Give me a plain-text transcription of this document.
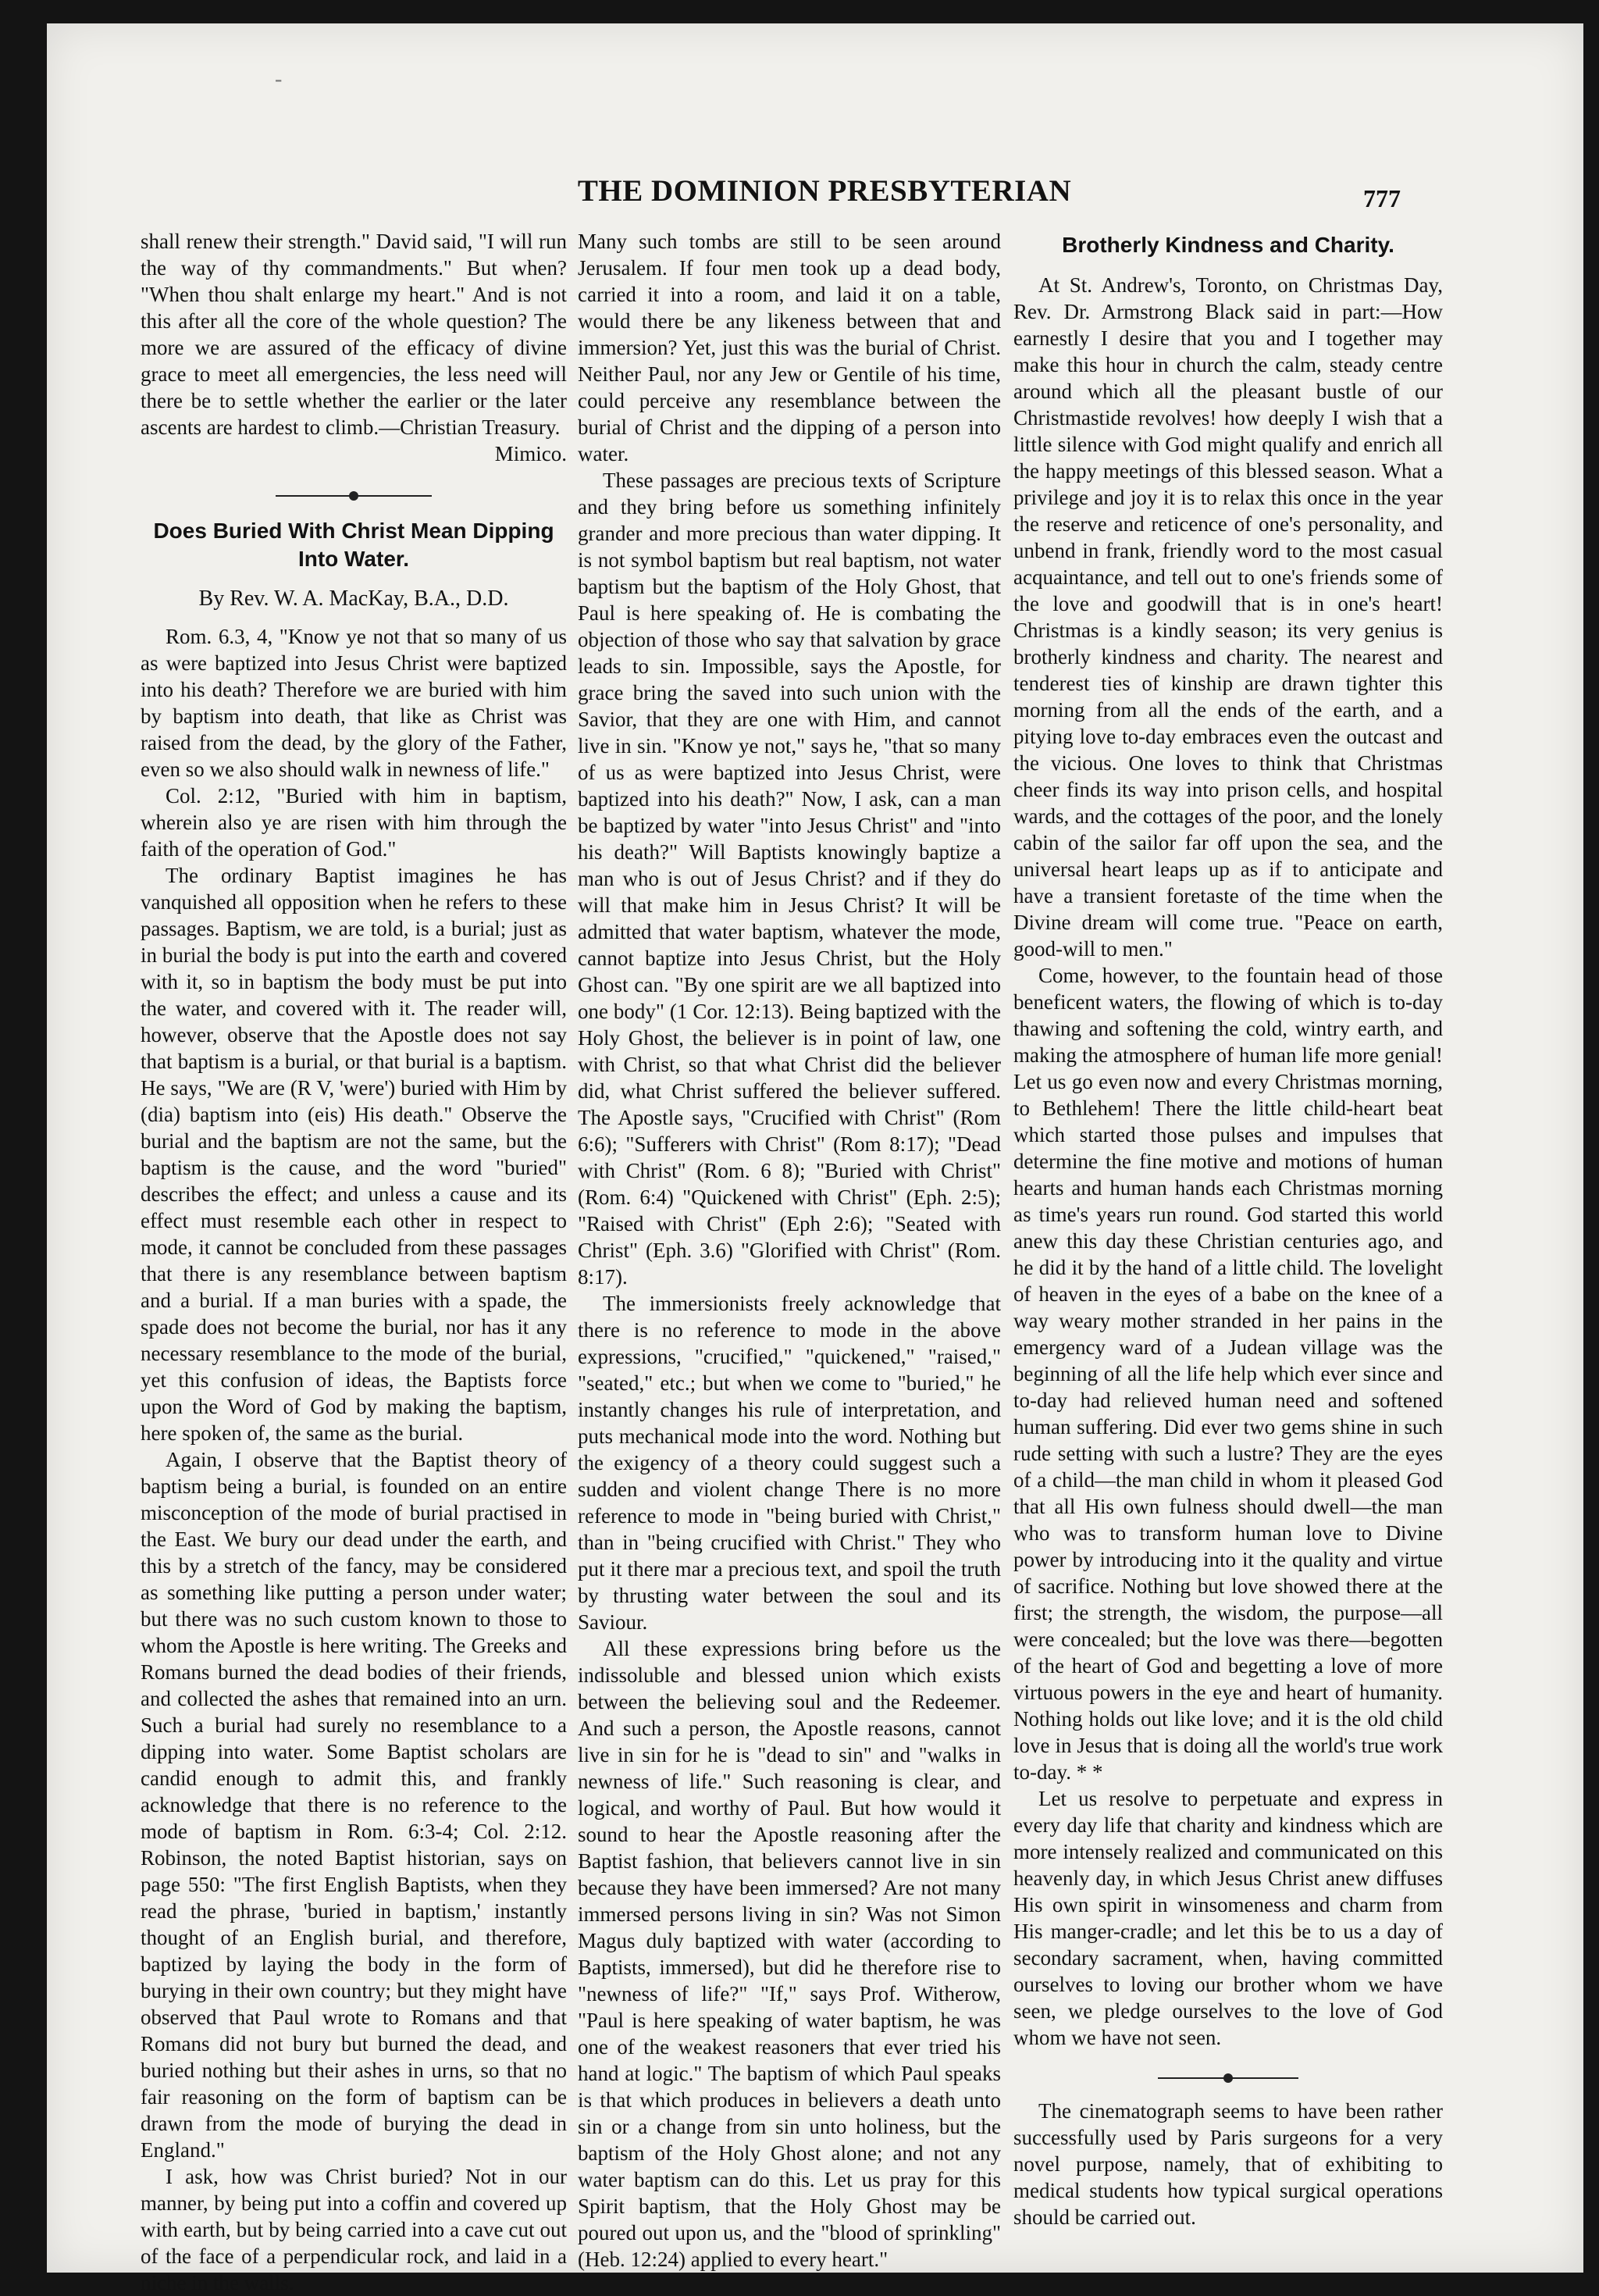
-
THE DOMINION PRESBYTERIAN	777

shall renew their strength." David said, "I will run the way of thy commandments." But when? "When thou shalt enlarge my heart." And is not this after all the core of the whole question? The more we are assured of the efficacy of divine grace to meet all emergencies, the less need will there be to settle whether the earlier or the later ascents are hardest to climb.—Christian Treasury.

Mimico.
Does Buried With Christ Mean Dipping Into Water.
By Rev. W. A. MacKay, B.A., D.D.

Rom. 6.3, 4, "Know ye not that so many of us as were baptized into Jesus Christ were baptized into his death? Therefore we are buried with him by baptism into death, that like as Christ was raised from the dead, by the glory of the Father, even so we also should walk in newness of life."

Col. 2:12, "Buried with him in baptism, wherein also ye are risen with him through the faith of the operation of God."

The ordinary Baptist imagines he has vanquished all opposition when he refers to these passages. Baptism, we are told, is a burial; just as in burial the body is put into the earth and covered with it, so in baptism the body must be put into the water, and covered with it. The reader will, however, observe that the Apostle does not say that baptism is a burial, or that burial is a baptism. He says, "We are (R V, 'were') buried with Him by (dia) baptism into (eis) His death." Observe the burial and the baptism are not the same, but the baptism is the cause, and the word "buried" describes the effect; and unless a cause and its effect must resemble each other in respect to mode, it cannot be concluded from these passages that there is any resemblance between baptism and a burial. If a man buries with a spade, the spade does not become the burial, nor has it any necessary resemblance to the mode of the burial, yet this confusion of ideas, the Baptists force upon the Word of God by making the baptism, here spoken of, the same as the burial.

Again, I observe that the Baptist theory of baptism being a burial, is founded on an entire misconception of the mode of burial practised in the East. We bury our dead under the earth, and this by a stretch of the fancy, may be considered as something like putting a person under water; but there was no such custom known to those to whom the Apostle is here writing. The Greeks and Romans burned the dead bodies of their friends, and collected the ashes that remained into an urn. Such a burial had surely no resemblance to a dipping into water. Some Baptist scholars are candid enough to admit this, and frankly acknowledge that there is no reference to the mode of baptism in Rom. 6:3-4; Col. 2:12. Robinson, the noted Baptist historian, says on page 550: "The first English Baptists, when they read the phrase, 'buried in baptism,' instantly thought of an English burial, and therefore, baptized by laying the body in the form of burying in their own country; but they might have observed that Paul wrote to Romans and that Romans did not bury but burned the dead, and buried nothing but their ashes in urns, so that no fair reasoning on the form of baptism can be drawn from the mode of burying the dead in England."

I ask, how was Christ buried? Not in our manner, by being put into a coffin and covered up with earth, but by being carried into a cave cut out of the face of a perpendicular rock, and laid in a niche in the walls.

Many such tombs are still to be seen around Jerusalem. If four men took up a dead body, carried it into a room, and laid it on a table, would there be any likeness between that and immersion? Yet, just this was the burial of Christ. Neither Paul, nor any Jew or Gentile of his time, could perceive any resemblance between the burial of Christ and the dipping of a person into water.

These passages are precious texts of Scripture and they bring before us something infinitely grander and more precious than water dipping. It is not symbol baptism but real baptism, not water baptism but the baptism of the Holy Ghost, that Paul is here speaking of. He is combating the objection of those who say that salvation by grace leads to sin. Impossible, says the Apostle, for grace bring the saved into such union with the Savior, that they are one with Him, and cannot live in sin. "Know ye not," says he, "that so many of us as were baptized into Jesus Christ, were baptized into his death?" Now, I ask, can a man be baptized by water "into Jesus Christ" and "into his death?" Will Baptists knowingly baptize a man who is out of Jesus Christ? and if they do will that make him in Jesus Christ? It will be admitted that water baptism, whatever the mode, cannot baptize into Jesus Christ, but the Holy Ghost can. "By one spirit are we all baptized into one body" (1 Cor. 12:13). Being baptized with the Holy Ghost, the believer is in point of law, one with Christ, so that what Christ did the believer did, what Christ suffered the believer suffered. The Apostle says, "Crucified with Christ" (Rom 6:6); "Sufferers with Christ" (Rom 8:17); "Dead with Christ" (Rom. 6 8); "Buried with Christ" (Rom. 6:4) "Quickened with Christ" (Eph. 2:5); "Raised with Christ" (Eph 2:6); "Seated with Christ" (Eph. 3.6) "Glorified with Christ" (Rom. 8:17).

The immersionists freely acknowledge that there is no reference to mode in the above expressions, "crucified," "quickened," "raised," "seated," etc.; but when we come to "buried," he instantly changes his rule of interpretation, and puts mechanical mode into the word. Nothing but the exigency of a theory could suggest such a sudden and violent change There is no more reference to mode in "being buried with Christ," than in "being crucified with Christ." They who put it there mar a precious text, and spoil the truth by thrusting water between the soul and its Saviour.

All these expressions bring before us the indissoluble and blessed union which exists between the believing soul and the Redeemer. And such a person, the Apostle reasons, cannot live in sin for he is "dead to sin" and "walks in newness of life." Such reasoning is clear, and logical, and worthy of Paul. But how would it sound to hear the Apostle reasoning after the Baptist fashion, that believers cannot live in sin because they have been immersed? Are not many immersed persons living in sin? Was not Simon Magus duly baptized with water (according to Baptists, immersed), but did he therefore rise to "newness of life?" "If," says Prof. Witherow, "Paul is here speaking of water baptism, he was one of the weakest reasoners that ever tried his hand at logic." The baptism of which Paul speaks is that which produces in believers a death unto sin or a change from sin unto holiness, but the baptism of the Holy Ghost alone; and not any water baptism can do this. Let us pray for this Spirit baptism, that the Holy Ghost may be poured out upon us, and the "blood of sprinkling" (Heb. 12:24) applied to every heart."

Brotherly Kindness and Charity.

At St. Andrew's, Toronto, on Christmas Day, Rev. Dr. Armstrong Black said in part:—How earnestly I desire that you and I together may make this hour in church the calm, steady centre around which all the pleasant bustle of our Christmastide revolves! how deeply I wish that a little silence with God might qualify and enrich all the happy meetings of this blessed season. What a privilege and joy it is to relax this once in the year the reserve and reticence of one's personality, and unbend in frank, friendly word to the most casual acquaintance, and tell out to one's friends some of the love and goodwill that is in one's heart! Christmas is a kindly season; its very genius is brotherly kindness and charity. The nearest and tenderest ties of kinship are drawn tighter this morning from all the ends of the earth, and a pitying love to-day embraces even the outcast and the vicious. One loves to think that Christmas cheer finds its way into prison cells, and hospital wards, and the cottages of the poor, and the lonely cabin of the sailor far off upon the sea, and the universal heart leaps up as if to anticipate and have a transient foretaste of the time when the Divine dream will come true. "Peace on earth, good-will to men."

Come, however, to the fountain head of those beneficent waters, the flowing of which is to-day thawing and softening the cold, wintry earth, and making the atmosphere of human life more genial! Let us go even now and every Christmas morning, to Bethlehem! There the little child-heart beat which started those pulses and impulses that determine the fine motive and motions of human hearts and human hands each Christmas morning as time's years run round. God started this world anew this day these Christian centuries ago, and he did it by the hand of a little child. The lovelight of heaven in the eyes of a babe on the knee of a way weary mother stranded in her pains in the emergency ward of a Judean village was the beginning of all the life help which ever since and to-day had relieved human need and softened human suffering. Did ever two gems shine in such rude setting with such a lustre? They are the eyes of a child—the man child in whom it pleased God that all His own fulness should dwell—the man who was to transform human love to Divine power by introducing into it the quality and virtue of sacrifice. Nothing but love showed there at the first; the strength, the wisdom, the purpose—all were concealed; but the love was there—begotten of the heart of God and begetting a love of more virtuous powers in the eye and heart of humanity. Nothing holds out like love; and it is the old child love in Jesus that is doing all the world's true work to-day. * *

Let us resolve to perpetuate and express in every day life that charity and kindness which are more intensely realized and communicated on this heavenly day, in which Jesus Christ anew diffuses His own spirit in winsomeness and charm from His manger-cradle; and let this be to us a day of secondary sacrament, when, having committed ourselves to loving our brother whom we have seen, we pledge ourselves to the love of God whom we have not seen.

The cinematograph seems to have been rather successfully used by Paris surgeons for a very novel purpose, namely, that of exhibiting to medical students how typical surgical operations should be carried out.
